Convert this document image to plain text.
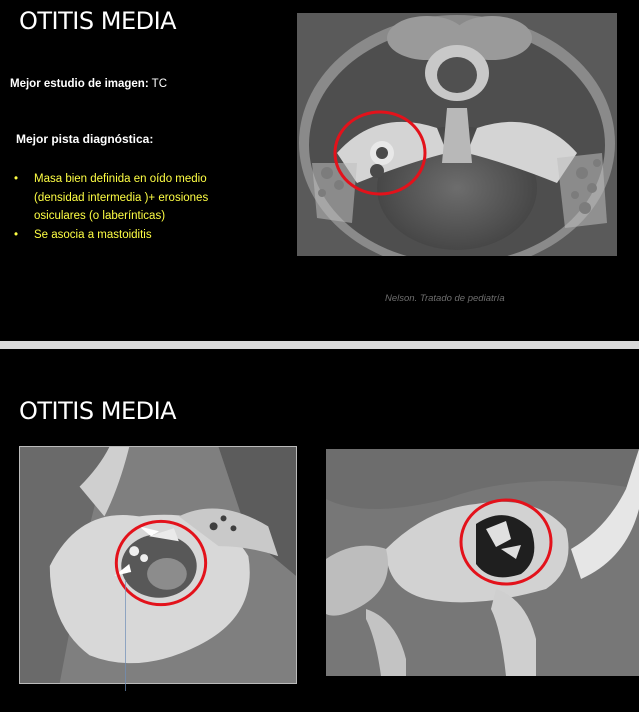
OTITIS MEDIA

Mejor estudio de imagen: TC

Mejor pista diagnóstica:

• Masa bien definida en oído medio (densidad intermedia )+ erosiones osiculares (o laberínticas)
• Se asocia a mastoiditis

Nelson. Tratado de pediatría

OTITIS MEDIA
